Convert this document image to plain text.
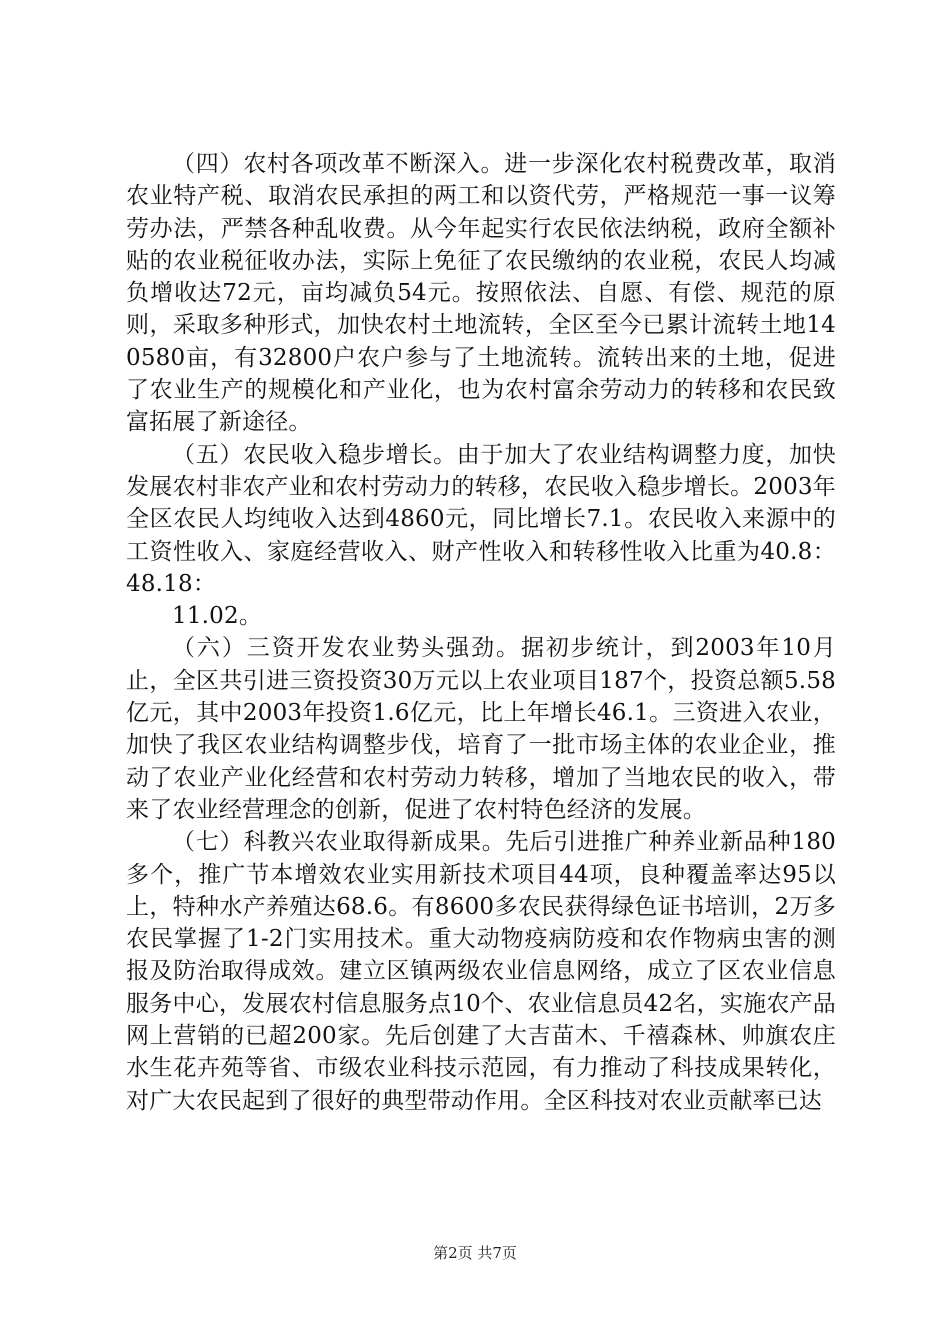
（四）农村各项改革不断深入。进一步深化农村税费改革，取消农业特产税、取消农民承担的两工和以资代劳，严格规范一事一议筹劳办法，严禁各种乱收费。从今年起实行农民依法纳税，政府全额补贴的农业税征收办法，实际上免征了农民缴纳的农业税，农民人均减负增收达72元，亩均减负54元。按照依法、自愿、有偿、规范的原则，采取多种形式，加快农村土地流转，全区至今已累计流转土地140580亩，有32800户农户参与了土地流转。流转出来的土地，促进了农业生产的规模化和产业化，也为农村富余劳动力的转移和农民致富拓展了新途径。

（五）农民收入稳步增长。由于加大了农业结构调整力度，加快发展农村非农产业和农村劳动力的转移，农民收入稳步增长。2003年全区农民人均纯收入达到4860元，同比增长7.1。农民收入来源中的工资性收入、家庭经营收入、财产性收入和转移性收入比重为40.8：48.18：

11.02。

（六）三资开发农业势头强劲。据初步统计，到2003年10月止，全区共引进三资投资30万元以上农业项目187个，投资总额5.58亿元，其中2003年投资1.6亿元，比上年增长46.1。三资进入农业，加快了我区农业结构调整步伐，培育了一批市场主体的农业企业，推动了农业产业化经营和农村劳动力转移，增加了当地农民的收入，带来了农业经营理念的创新，促进了农村特色经济的发展。

（七）科教兴农业取得新成果。先后引进推广种养业新品种180多个，推广节本增效农业实用新技术项目44项，良种覆盖率达95以上，特种水产养殖达68.6。有8600多农民获得绿色证书培训，2万多农民掌握了1-2门实用技术。重大动物疫病防疫和农作物病虫害的测报及防治取得成效。建立区镇两级农业信息网络，成立了区农业信息服务中心，发展农村信息服务点10个、农业信息员42名，实施农产品网上营销的已超200家。先后创建了大吉苗木、千禧森林、帅旗农庄水生花卉苑等省、市级农业科技示范园，有力推动了科技成果转化，对广大农民起到了很好的典型带动作用。全区科技对农业贡献率已达

第2页 共7页
